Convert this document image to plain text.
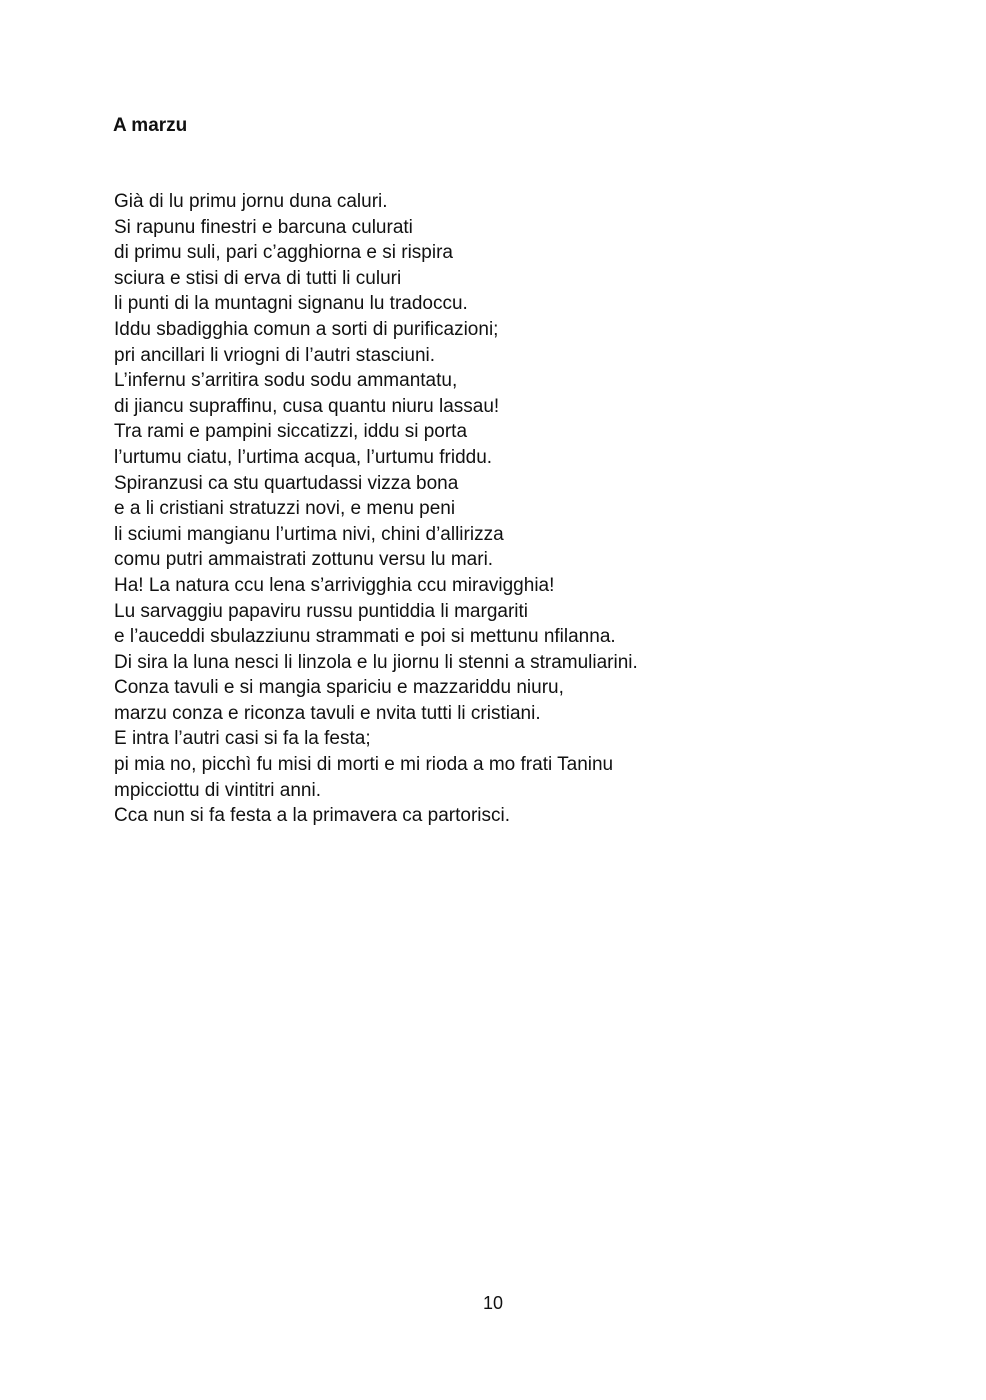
A marzu
Già di lu primu jornu duna caluri.
Si rapunu finestri e barcuna culurati
di primu suli, pari c’agghiorna e si rispira
sciura e stisi di erva di tutti li culuri
li punti di la muntagni signanu lu tradoccu.
Iddu sbadigghia comun a sorti di purificazioni;
pri ancillari li vriogni di l’autri stasciuni.
L’infernu s’arritira sodu sodu ammantatu,
di jiancu supraffinu, cusa quantu niuru lassau!
Tra rami e pampini siccatizzi, iddu si porta
l’urtumu ciatu, l’urtima acqua, l’urtumu friddu.
Spiranzusi ca stu quartudassi vizza bona
e a li cristiani stratuzzi novi, e menu peni
li sciumi mangianu l’urtima nivi, chini d’allirizza
comu putri ammaistrati zottunu versu lu mari.
Ha! La natura ccu lena s’arrivigghia ccu miravigghia!
Lu sarvaggiu papaviru russu puntiddia li margariti
e l’auceddi sbulazziunu strammati e poi si mettunu nfilanna.
Di sira la luna nesci li linzola e lu jiornu li stenni a stramuliarini.
Conza tavuli e si mangia spariciu e mazzariddu niuru,
marzu conza e riconza tavuli e nvita tutti li cristiani.
E intra l’autri casi si fa la festa;
pi mia no, picchì fu misi di morti e mi rioda a mo frati Taninu
mpicciottu di vintitri anni.
Cca nun si fa festa a la primavera ca partorisci.
10
